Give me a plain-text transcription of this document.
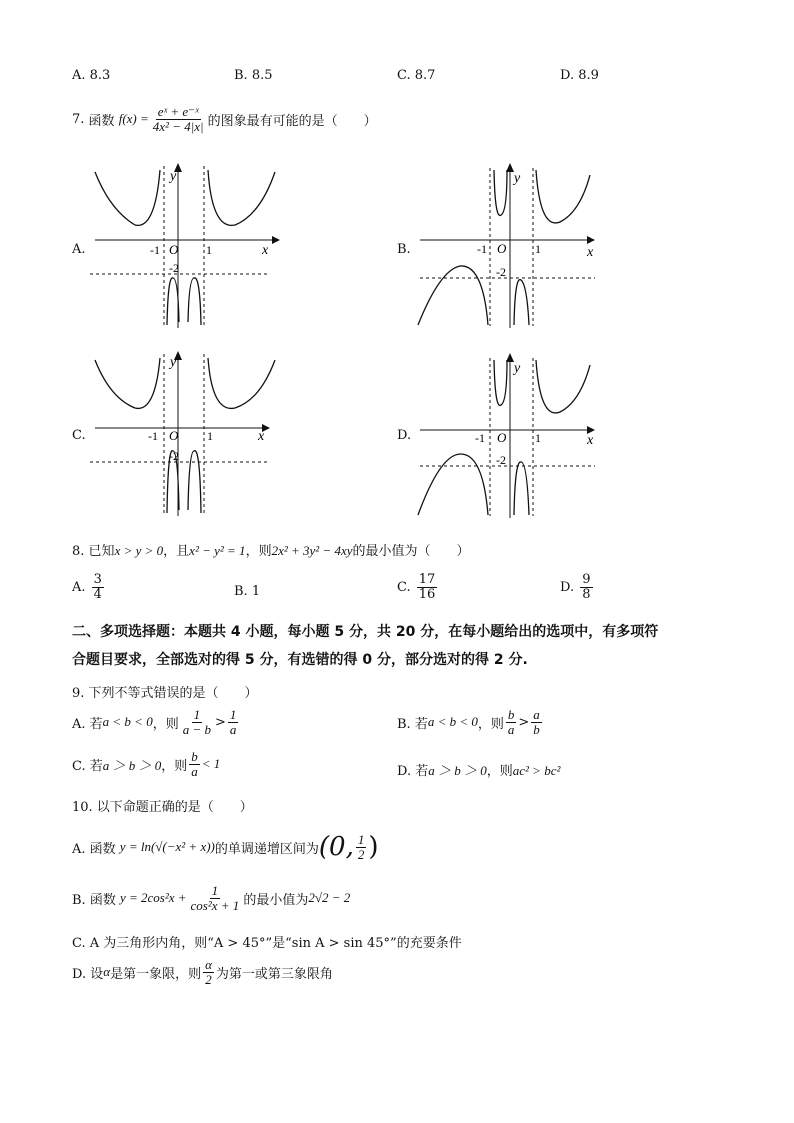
A. 8.3	B. 8.5	C. 8.7	D. 8.9
7.
函数
$f(x) = \frac{\text{eˣ + e⁻ˣ}}{\text{4x² − 4|x|}}$ 的图象最有可能的是（　　）
A.
y
x
O
-1	1
-2
B.
y
x
O
-1	1
-2
C.
y
x
O
-1	1
-2
D.
y
x
O
-1	1
-2
8. 已知x > y > 0，且x² − y² = 1，则2x² + 3y² − 4xy的最小值为（　　）
A.
$\frac{3}{4}$	B. 1	C.
$\frac{17}{16}$	D.
$\frac{9}{8}$
二、多项选择题：本题共 4 小题，每小题 5 分，共 20 分，在每小题给出的选项中，有多项符
合题目要求，全部选对的得 5 分，有选错的得 0 分，部分选对的得 2 分.
9. 下列不等式错误的是（　　）
A. 若 a < b < 0 ，则 $\frac{1}{a - b} > \frac{1}{a}$	B. 若 a < b < 0 ，则 $\frac{b}{a} > \frac{a}{b}$
C. 若 a ＞ b ＞ 0 ，则 $\frac{b}{a} < 1$
D. 若a ＞ b ＞ 0，则ac² > bc²
10. 以下命题正确的是（　　）
A. 函数
y = ln(√(−x² + x)) 的单调递增区间为 (0, $\frac{1}{2}$ )
B. 函数
$y = 2\cos^2x + \frac{1}{\text{cos²x + 1}}$ 的最小值为 2√2 − 2
C. A 为三角形内角，则“A > 45°”是“sin A > sin 45°”的充要条件
D. 设 α 是第一象限，则 $\frac{\alpha}{2}$ 为第一或第三象限角
